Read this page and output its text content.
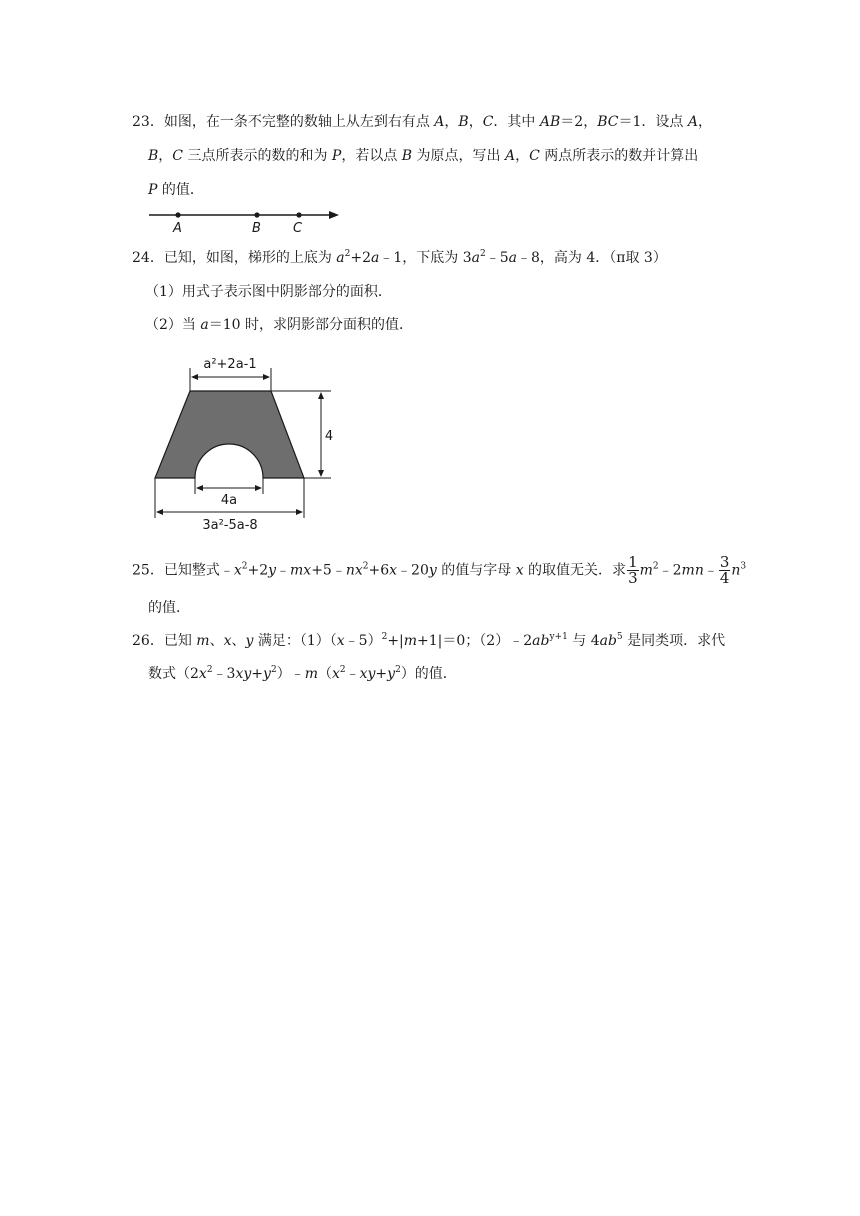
23．如图，在一条不完整的数轴上从左到右有点 A，B，C．其中 AB＝2，BC＝1．设点 A，
B，C 三点所表示的数的和为 P，若以点 B 为原点，写出 A，C 两点所表示的数并计算出
P 的值．
A	B C
24．已知，如图，梯形的上底为 $a^2+2a﹣1$，下底为 $3a^2﹣5a﹣8$，高为 4．（π取 3）
（1）用式子表示图中阴影部分的面积．
（2）当 a＝10 时，求阴影部分面积的值．
a²+2a-1
4
4a
3a²-5a-8
25．已知整式$﹣x^2+2y﹣mx+5﹣nx^2+6x﹣20y$ 的值与字母 x 的取值无关．求 $\frac{1}{3}$ $m^2﹣2mn﹣ \frac{3}{4} n^3$
的值．
26．已知 m、x、y 满足：（1）（x﹣5）$^2$+|m+1|＝0；$(2)﹣2ab^{y+1}$ 与 $4ab^5$ 是同类项．求代
数式$(2x^2﹣3xy+y^2)﹣m(x^2﹣xy+y^2)$的值．
